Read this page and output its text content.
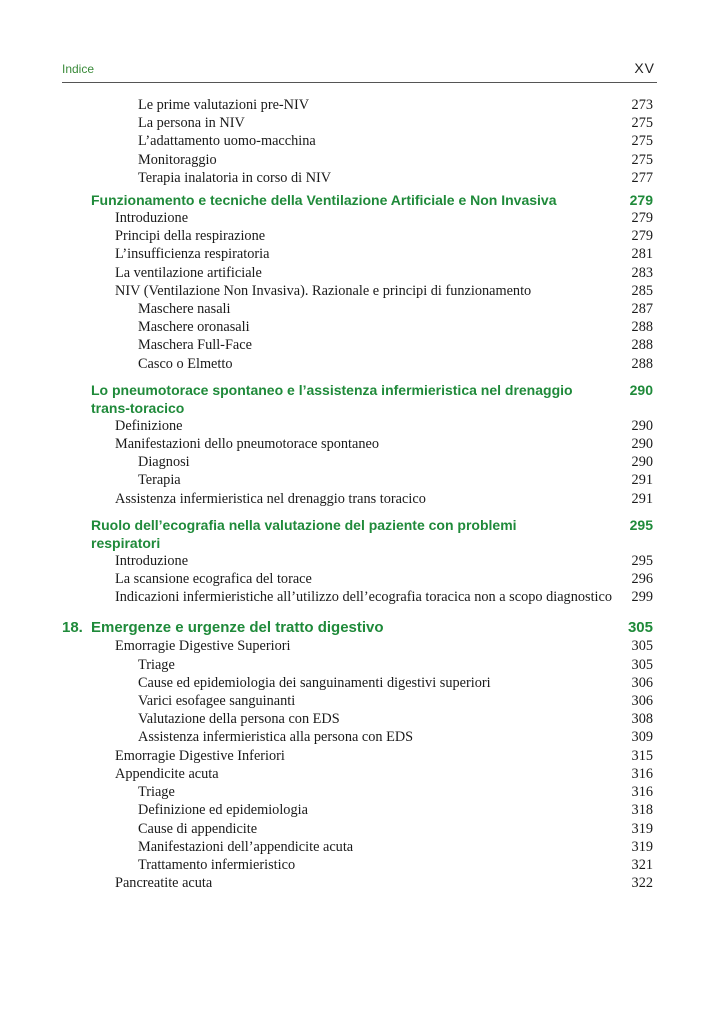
Indice	XV
Le prime valutazioni pre-NIV	273
La persona in NIV	275
L’adattamento uomo-macchina	275
Monitoraggio	275
Terapia inalatoria in corso di NIV	277
Funzionamento e tecniche della Ventilazione Artificiale e Non Invasiva	279
Introduzione	279
Principi della respirazione	279
L’insufficienza respiratoria	281
La ventilazione artificiale	283
NIV (Ventilazione Non Invasiva). Razionale e principi di funzionamento	285
Maschere nasali	287
Maschere oronasali	288
Maschera Full-Face	288
Casco o Elmetto	288
Lo pneumotorace spontaneo e l’assistenza infermieristica nel drenaggio trans-toracico
290
Definizione	290
Manifestazioni dello pneumotorace spontaneo	290
Diagnosi	290
Terapia	291
Assistenza infermieristica nel drenaggio trans toracico	291
Ruolo dell’ecografia nella valutazione del paziente con problemi respiratori
295
Introduzione	295
La scansione ecografica del torace	296
Indicazioni infermieristiche all’utilizzo dell’ecografia toracica non a scopo diagnostico 299
18. Emergenze e urgenze del tratto digestivo	305
Emorragie Digestive Superiori	305
Triage	305
Cause ed epidemiologia dei sanguinamenti digestivi superiori	306
Varici esofagee sanguinanti	306
Valutazione della persona con EDS	308
Assistenza infermieristica alla persona con EDS	309
Emorragie Digestive Inferiori	315
Appendicite acuta	316
Triage	316
Definizione ed epidemiologia	318
Cause di appendicite	319
Manifestazioni dell’appendicite acuta	319
Trattamento infermieristico	321
Pancreatite acuta	322
